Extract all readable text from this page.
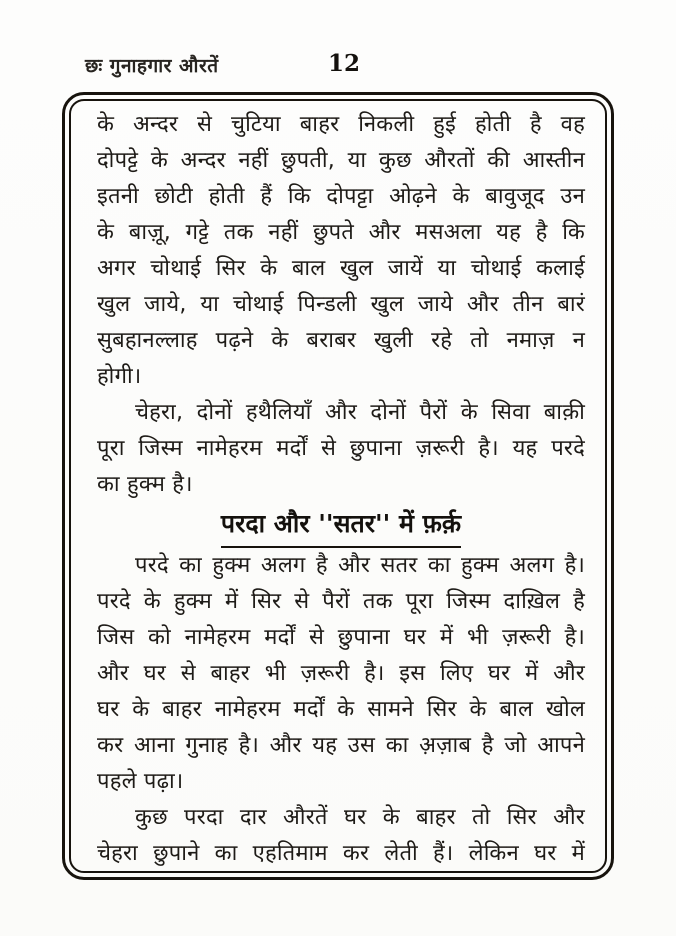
छः गुनाहगार औरतें	12
के अन्दर से चुटिया बाहर निकली हुई होती है वह
दोपट्टे के अन्दर नहीं छुपती, या कुछ औरतों की आस्तीन
इतनी छोटी होती हैं कि दोपट्टा ओढ़ने के बावुजूद उन
के बाज़ू, गट्टे तक नहीं छुपते और मसअला यह है कि
अगर चोथाई सिर के बाल खुल जायें या चोथाई कलाई
खुल जाये, या चोथाई पिन्डली खुल जाये और तीन बारं
सुबहानल्लाह पढ़ने के बराबर खुली रहे तो नमाज़ न
होगी।
चेहरा, दोनों हथैलियाँ और दोनों पैरों के सिवा बाक़ी
पूरा जिस्म नामेहरम मर्दों से छुपाना ज़रूरी है। यह परदे
का हुक्म है।
परदा और ''सतर'' में फ़र्क़
परदे का हुक्म अलग है और सतर का हुक्म अलग है।
परदे के हुक्म में सिर से पैरों तक पूरा जिस्म दाख़िल है
जिस को नामेहरम मर्दों से छुपाना घर में भी ज़रूरी है।
और घर से बाहर भी ज़रूरी है। इस लिए घर में और
घर के बाहर नामेहरम मर्दों के सामने सिर के बाल खोल
कर आना गुनाह है। और यह उस का अ़ज़ाब है जो आपने
पहले पढ़ा।
कुछ परदा दार औरतें घर के बाहर तो सिर और
चेहरा छुपाने का एहतिमाम कर लेती हैं। लेकिन घर में
